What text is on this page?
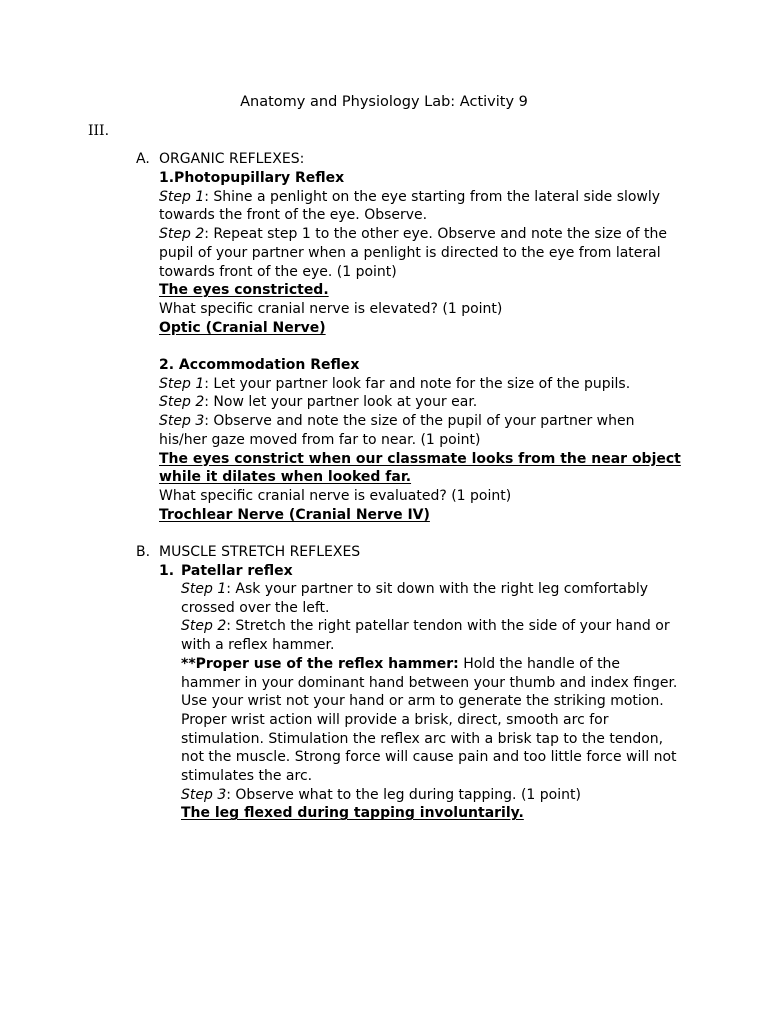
Anatomy and Physiology Lab: Activity 9
III.
A. ORGANIC REFLEXES:
1.Photopupillary Reflex
Step 1: Shine a penlight on the eye starting from the lateral side slowly
towards the front of the eye. Observe.
Step 2: Repeat step 1 to the other eye. Observe and note the size of the
pupil of your partner when a penlight is directed to the eye from lateral
towards front of the eye. (1 point)
The eyes constricted.
What specific cranial nerve is elevated? (1 point)
Optic (Cranial Nerve)
2. Accommodation Reflex
Step 1: Let your partner look far and note for the size of the pupils.
Step 2: Now let your partner look at your ear.
Step 3: Observe and note the size of the pupil of your partner when
his/her gaze moved from far to near. (1 point)
The eyes constrict when our classmate looks from the near object
while it dilates when looked far.
What specific cranial nerve is evaluated? (1 point)
Trochlear Nerve (Cranial Nerve IV)
B. MUSCLE STRETCH REFLEXES
1. Patellar reflex
Step 1: Ask your partner to sit down with the right leg comfortably
crossed over the left.
Step 2: Stretch the right patellar tendon with the side of your hand or
with a reflex hammer.
**Proper use of the reflex hammer: Hold the handle of the
hammer in your dominant hand between your thumb and index finger.
Use your wrist not your hand or arm to generate the striking motion.
Proper wrist action will provide a brisk, direct, smooth arc for
stimulation. Stimulation the reflex arc with a brisk tap to the tendon,
not the muscle. Strong force will cause pain and too little force will not
stimulates the arc.
Step 3: Observe what to the leg during tapping. (1 point)
The leg flexed during tapping involuntarily.
